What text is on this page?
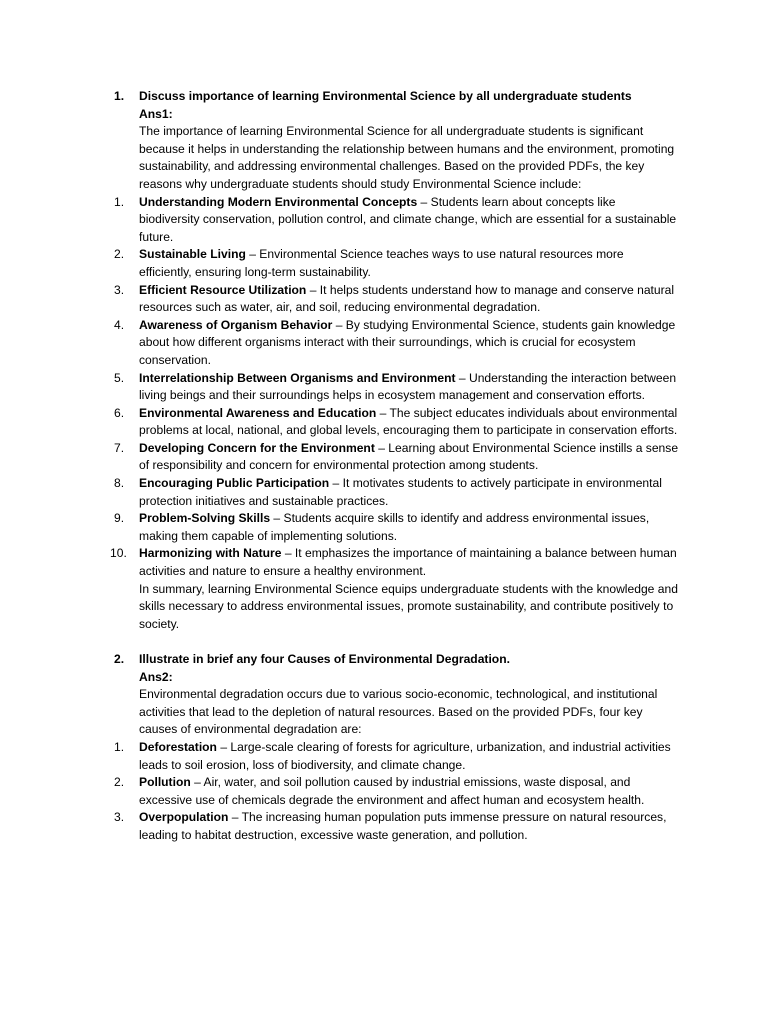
1.	Discuss importance of learning Environmental Science by all undergraduate students
Ans1:
The importance of learning Environmental Science for all undergraduate students is significant because it helps in understanding the relationship between humans and the environment, promoting sustainability, and addressing environmental challenges. Based on the provided PDFs, the key reasons why undergraduate students should study Environmental Science include:
1.	Understanding Modern Environmental Concepts – Students learn about concepts like biodiversity conservation, pollution control, and climate change, which are essential for a sustainable future.
2.	Sustainable Living – Environmental Science teaches ways to use natural resources more efficiently, ensuring long-term sustainability.
3.	Efficient Resource Utilization – It helps students understand how to manage and conserve natural resources such as water, air, and soil, reducing environmental degradation.
4.	Awareness of Organism Behavior – By studying Environmental Science, students gain knowledge about how different organisms interact with their surroundings, which is crucial for ecosystem conservation.
5.	Interrelationship Between Organisms and Environment – Understanding the interaction between living beings and their surroundings helps in ecosystem management and conservation efforts.
6.	Environmental Awareness and Education – The subject educates individuals about environmental problems at local, national, and global levels, encouraging them to participate in conservation efforts.
7.	Developing Concern for the Environment – Learning about Environmental Science instills a sense of responsibility and concern for environmental protection among students.
8.	Encouraging Public Participation – It motivates students to actively participate in environmental protection initiatives and sustainable practices.
9.	Problem-Solving Skills – Students acquire skills to identify and address environmental issues, making them capable of implementing solutions.
10.	Harmonizing with Nature – It emphasizes the importance of maintaining a balance between human activities and nature to ensure a healthy environment.
In summary, learning Environmental Science equips undergraduate students with the knowledge and skills necessary to address environmental issues, promote sustainability, and contribute positively to society.
2.	Illustrate in brief any four Causes of Environmental Degradation.
Ans2:
Environmental degradation occurs due to various socio-economic, technological, and institutional activities that lead to the depletion of natural resources. Based on the provided PDFs, four key causes of environmental degradation are:
1.	Deforestation – Large-scale clearing of forests for agriculture, urbanization, and industrial activities leads to soil erosion, loss of biodiversity, and climate change.
2.	Pollution – Air, water, and soil pollution caused by industrial emissions, waste disposal, and excessive use of chemicals degrade the environment and affect human and ecosystem health.
3.	Overpopulation – The increasing human population puts immense pressure on natural resources, leading to habitat destruction, excessive waste generation, and pollution.
